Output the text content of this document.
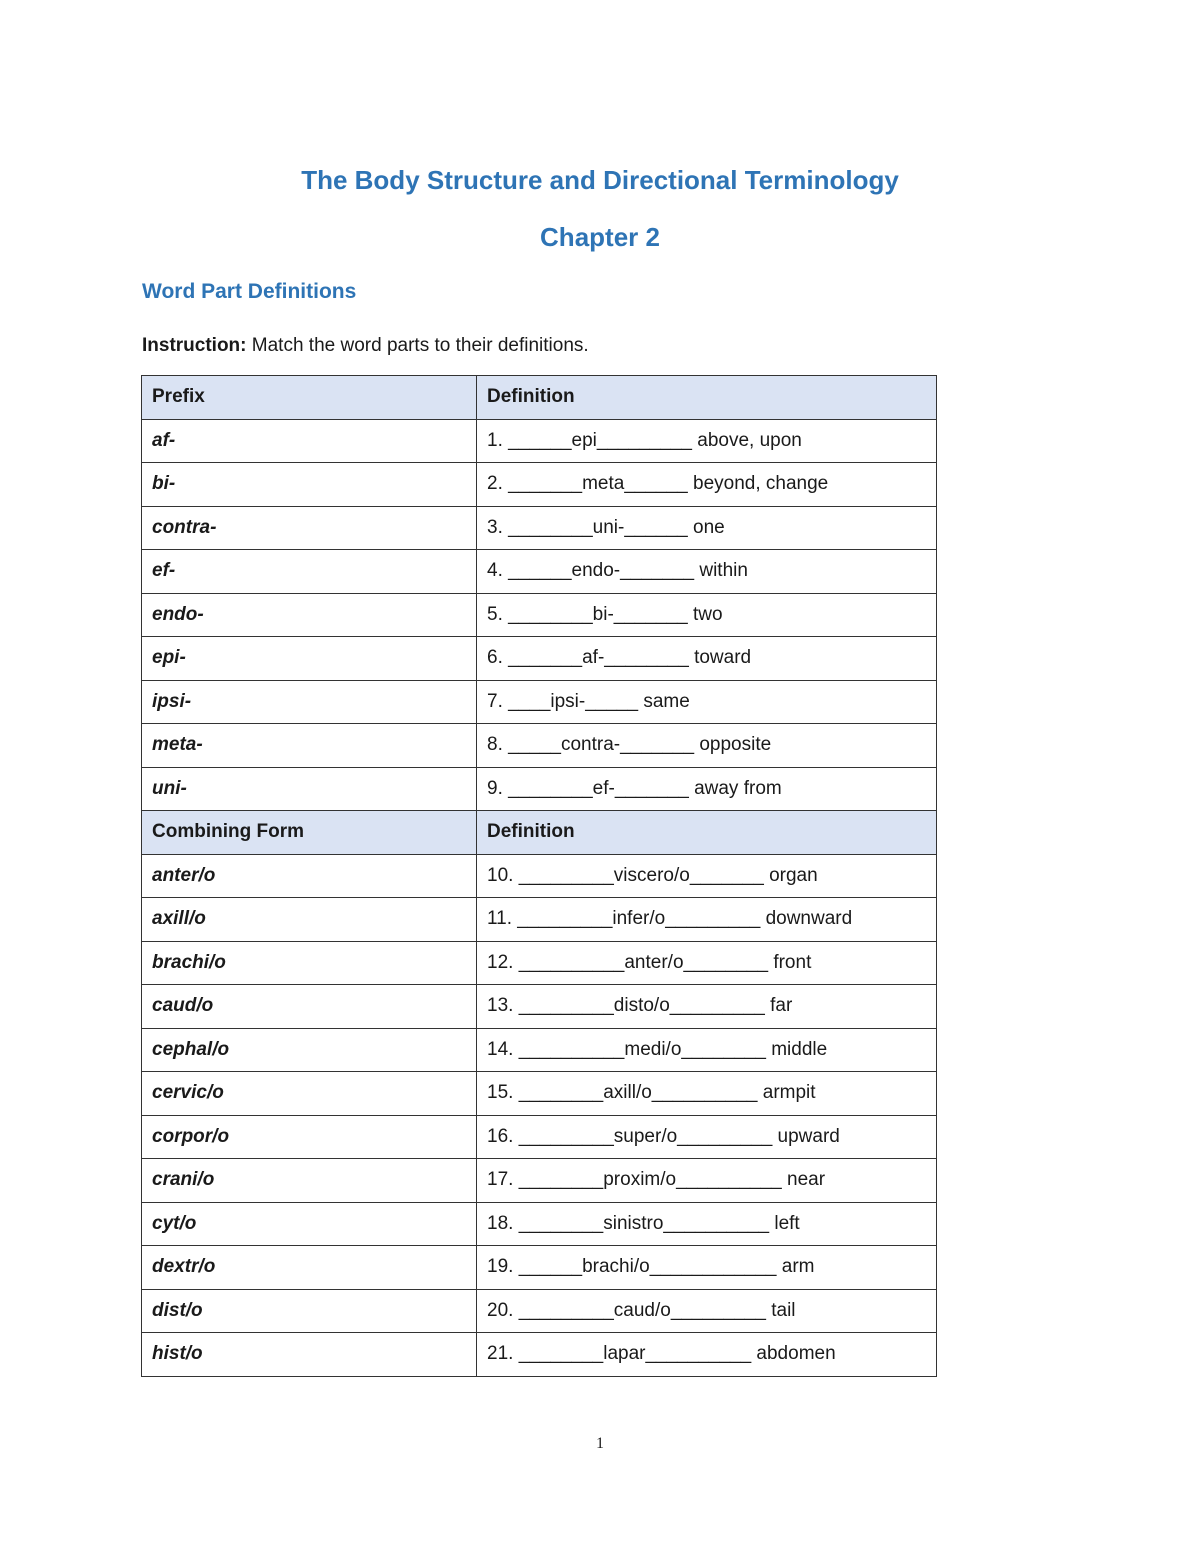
The Body Structure and Directional Terminology
Chapter 2
Word Part Definitions
Instruction: Match the word parts to their definitions.
Prefix	Definition
af-	1. ______epi_________ above, upon
bi-	2. _______meta______ beyond, change
contra-	3. ________uni-______ one
ef-	4. ______endo-_______ within
endo-	5. ________bi-_______ two
epi-	6. _______af-________ toward
ipsi-	7. ____ipsi-_____ same
meta-	8. _____contra-_______ opposite
uni-	9. ________ef-_______ away from
Combining Form	Definition
anter/o	10. _________viscero/o_______ organ
axill/o	11. _________infer/o_________ downward
brachi/o	12. __________anter/o________ front
caud/o	13. _________disto/o_________ far
cephal/o	14. __________medi/o________ middle
cervic/o	15. ________axill/o__________ armpit
corpor/o	16. _________super/o_________ upward
crani/o	17. ________proxim/o__________ near
cyt/o	18. ________sinistro__________ left
dextr/o	19. ______brachi/o____________ arm
dist/o	20. _________caud/o_________ tail
hist/o	21. ________lapar__________ abdomen
1
